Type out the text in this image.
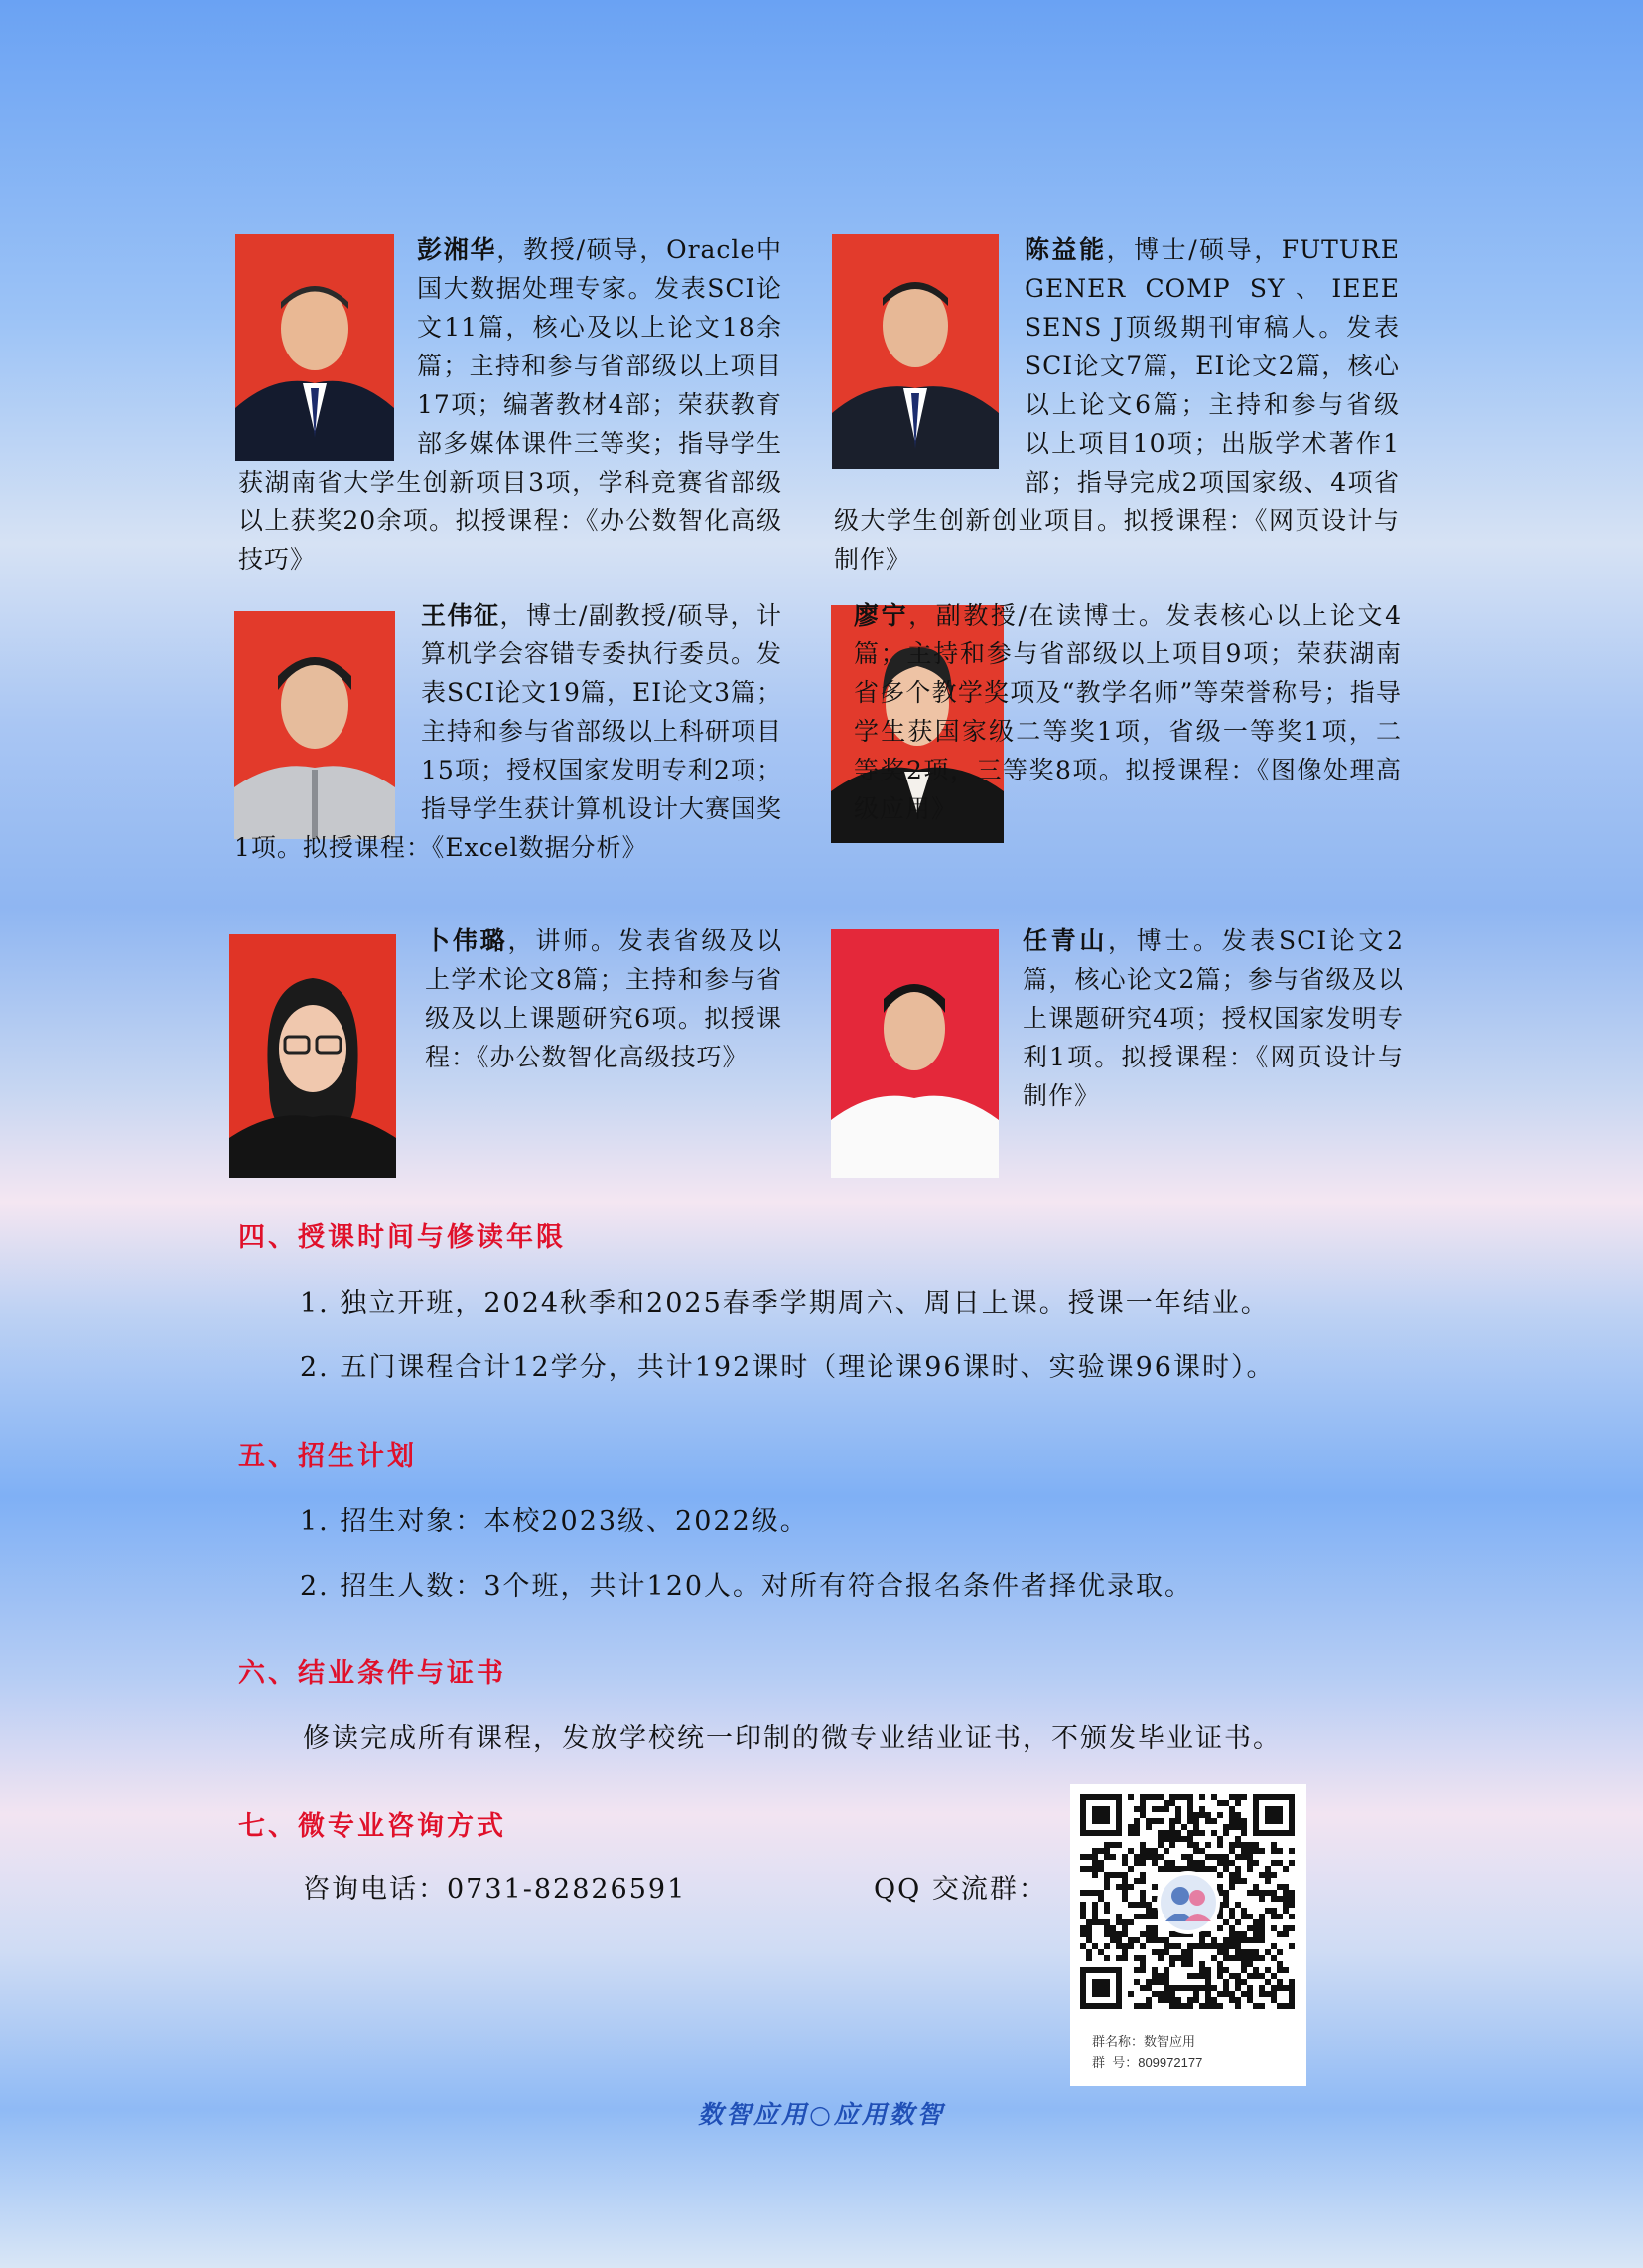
彭湘华，教授/硕导，Oracle中国大数据处理专家。发表SCI论文11篇，核心及以上论文18余篇；主持和参与省部级以上项目17项；编著教材4部；荣获教育部多媒体课件三等奖；指导学生获湖南省大学生创新项目3项，学科竞赛省部级以上获奖20余项。拟授课程：《办公数智化高级技巧》
陈益能，博士/硕导，FUTURE GENER COMP SY、IEEE SENS J顶级期刊审稿人。发表SCI论文7篇，EI论文2篇，核心以上论文6篇；主持和参与省级以上项目10项；出版学术著作1部；指导完成2项国家级、4项省级大学生创新创业项目。拟授课程：《网页设计与制作》
王伟征，博士/副教授/硕导，计算机学会容错专委执行委员。发表SCI论文19篇，EI论文3篇；主持和参与省部级以上科研项目15项；授权国家发明专利2项；指导学生获计算机设计大赛国奖1项。拟授课程：《Excel数据分析》
廖宁，副教授/在读博士。发表核心以上论文4篇；主持和参与省部级以上项目9项；荣获湖南省多个教学奖项及“教学名师”等荣誉称号；指导学生获国家级二等奖1项，省级一等奖1项，二等奖2项，三等奖8项。拟授课程：《图像处理高级应用》
卜伟璐，讲师。发表省级及以上学术论文8篇；主持和参与省级及以上课题研究6项。拟授课程：《办公数智化高级技巧》
任青山，博士。发表SCI论文2篇，核心论文2篇；参与省级及以上课题研究4项；授权国家发明专利1项。拟授课程：《网页设计与制作》
四、授课时间与修读年限
1. 独立开班，2024秋季和2025春季学期周六、周日上课。授课一年结业。
2. 五门课程合计12学分，共计192课时（理论课96课时、实验课96课时）。
五、招生计划
1. 招生对象：本校2023级、2022级。
2. 招生人数：3个班，共计120人。对所有符合报名条件者择优录取。
六、结业条件与证书
修读完成所有课程，发放学校统一印制的微专业结业证书，不颁发毕业证书。
七、微专业咨询方式
咨询电话：0731-82826591	QQ 交流群：
群名称：数智应用
群  号：809972177
数智应用○应用数智
